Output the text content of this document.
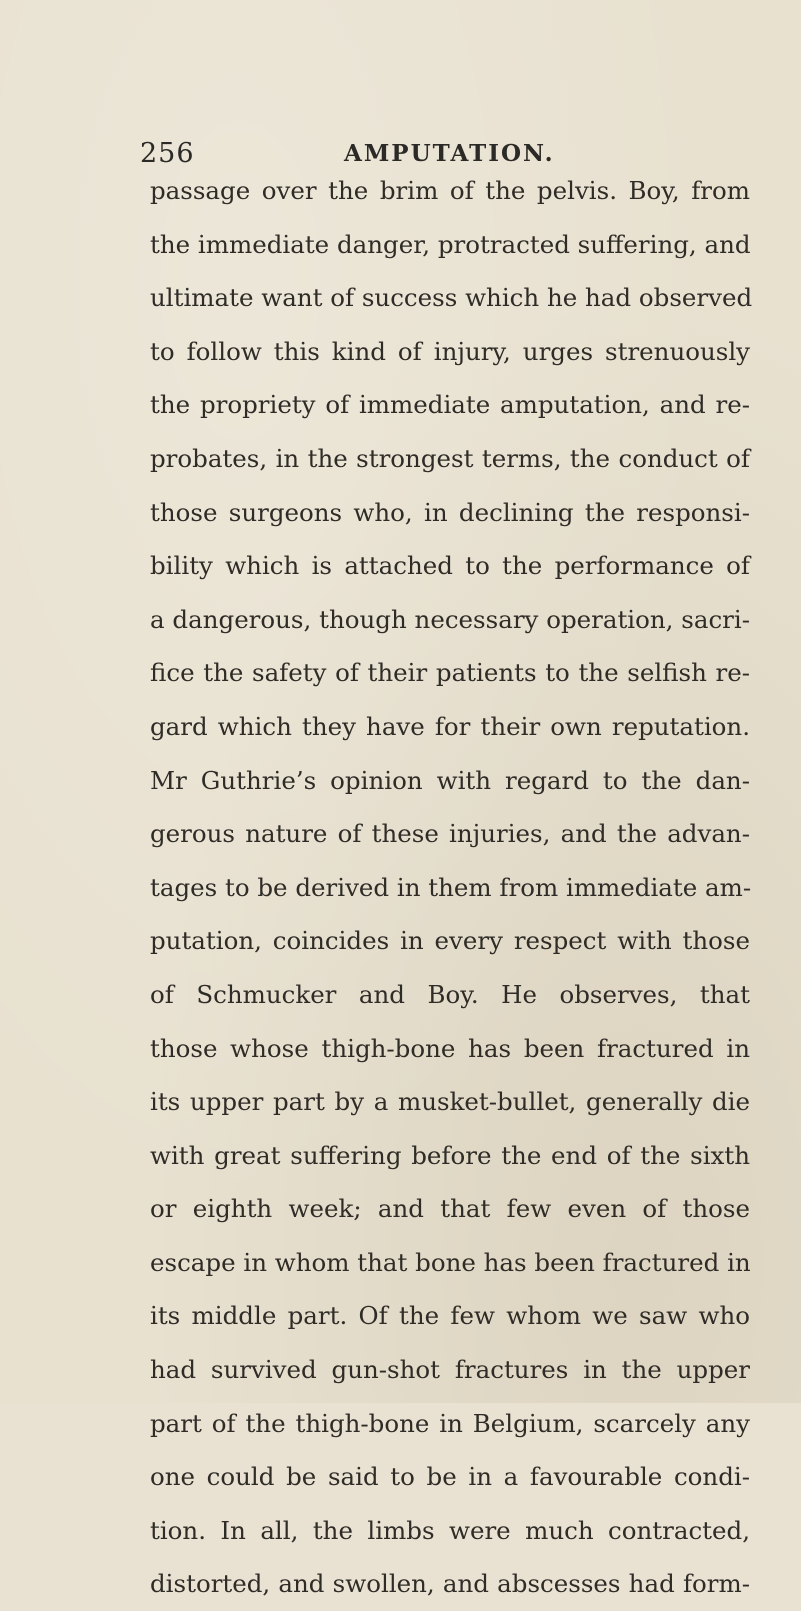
256	AMPUTATION.
passage over the brim of the pelvis. Boy, from
the immediate danger, protracted suffering, and
ultimate want of success which he had observed
to follow this kind of injury, urges strenuously
the propriety of immediate amputation, and re-
probates, in the strongest terms, the conduct of
those surgeons who, in declining the responsi-
bility which is attached to the performance of
a dangerous, though necessary operation, sacri-
fice the safety of their patients to the selfish re-
gard which they have for their own reputation.
Mr Guthrie’s opinion with regard to the dan-
gerous nature of these injuries, and the advan-
tages to be derived in them from immediate am-
putation, coincides in every respect with those
of Schmucker and Boy. He observes, that
those whose thigh-bone has been fractured in
its upper part by a musket-bullet, generally die
with great suffering before the end of the sixth
or eighth week; and that few even of those
escape in whom that bone has been fractured in
its middle part. Of the few whom we saw who
had survived gun-shot fractures in the upper
part of the thigh-bone in Belgium, scarcely any
one could be said to be in a favourable condi-
tion. In all, the limbs were much contracted,
distorted, and swollen, and abscesses had form-
